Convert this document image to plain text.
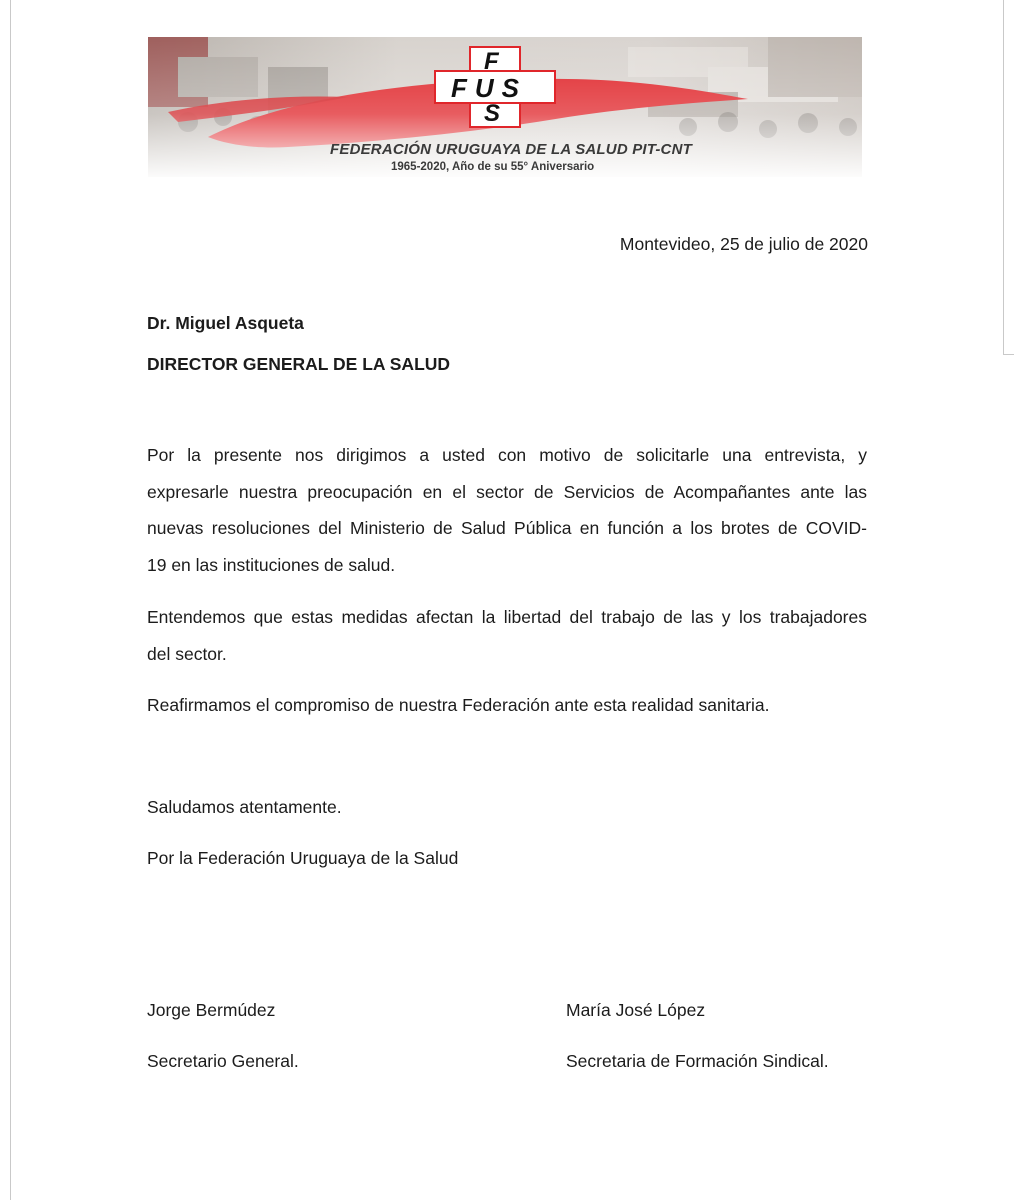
F
FUS
S
FEDERACIÓN URUGUAYA DE LA SALUD PIT-CNT
1965-2020, Año de su 55° Aniversario
Montevideo, 25 de julio de 2020
Dr. Miguel Asqueta
DIRECTOR GENERAL DE LA SALUD
Por la presente nos dirigimos a usted con motivo de solicitarle una entrevista, y
expresarle nuestra preocupación en el sector de Servicios de Acompañantes ante las
nuevas resoluciones del Ministerio de Salud Pública en función a los brotes de COVID-
19 en las instituciones de salud.
Entendemos que estas medidas afectan la libertad del trabajo de las y los trabajadores
del sector.
Reafirmamos el compromiso de nuestra Federación ante esta realidad sanitaria.
Saludamos atentamente.
Por la Federación Uruguaya de la Salud
Jorge Bermúdez
Secretario General.
María José López
Secretaria de Formación Sindical.
